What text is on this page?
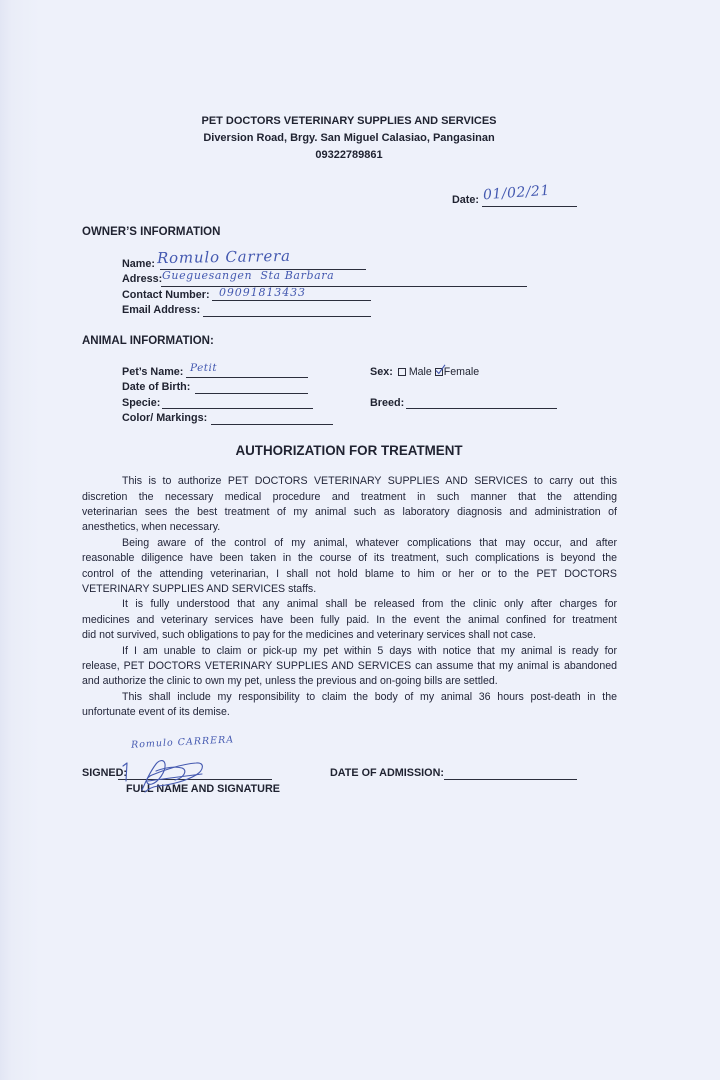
PET DOCTORS VETERINARY SUPPLIES AND SERVICES
Diversion Road, Brgy. San Miguel Calasiao, Pangasinan
09322789861
Date: 01/02/21
OWNER’S INFORMATION
Name: Romulo Carrera
Adress: Gueguesangen  Sta Barbara
Contact Number: 09091813433
Email Address:
ANIMAL INFORMATION:
Pet’s Name: Petit	Sex: Male Female
Date of Birth:
Specie:	Breed:
Color/ Markings:
AUTHORIZATION FOR TREATMENT
This is to authorize PET DOCTORS VETERINARY SUPPLIES AND SERVICES to carry out this
discretion the necessary medical procedure and treatment in such manner that the attending
veterinarian sees the best treatment of my animal such as laboratory diagnosis and administration of
anesthetics, when necessary.
Being aware of the control of my animal, whatever complications that may occur, and after
reasonable diligence have been taken in the course of its treatment, such complications is beyond the
control of the attending veterinarian, I shall not hold blame to him or her or to the PET DOCTORS
VETERINARY SUPPLIES AND SERVICES staffs.
It is fully understood that any animal shall be released from the clinic only after charges for
medicines and veterinary services have been fully paid. In the event the animal confined for treatment
did not survived, such obligations to pay for the medicines and veterinary services shall not case.
If I am unable to claim or pick-up my pet within 5 days with notice that my animal is ready for
release, PET DOCTORS VETERINARY SUPPLIES AND SERVICES can assume that my animal is abandoned
and authorize the clinic to own my pet, unless the previous and on-going bills are settled.
This shall include my responsibility to claim the body of my animal 36 hours post-death in the
unfortunate event of its demise.
Romulo CARRERA
SIGNED:
FULL NAME AND SIGNATURE
DATE OF ADMISSION:
